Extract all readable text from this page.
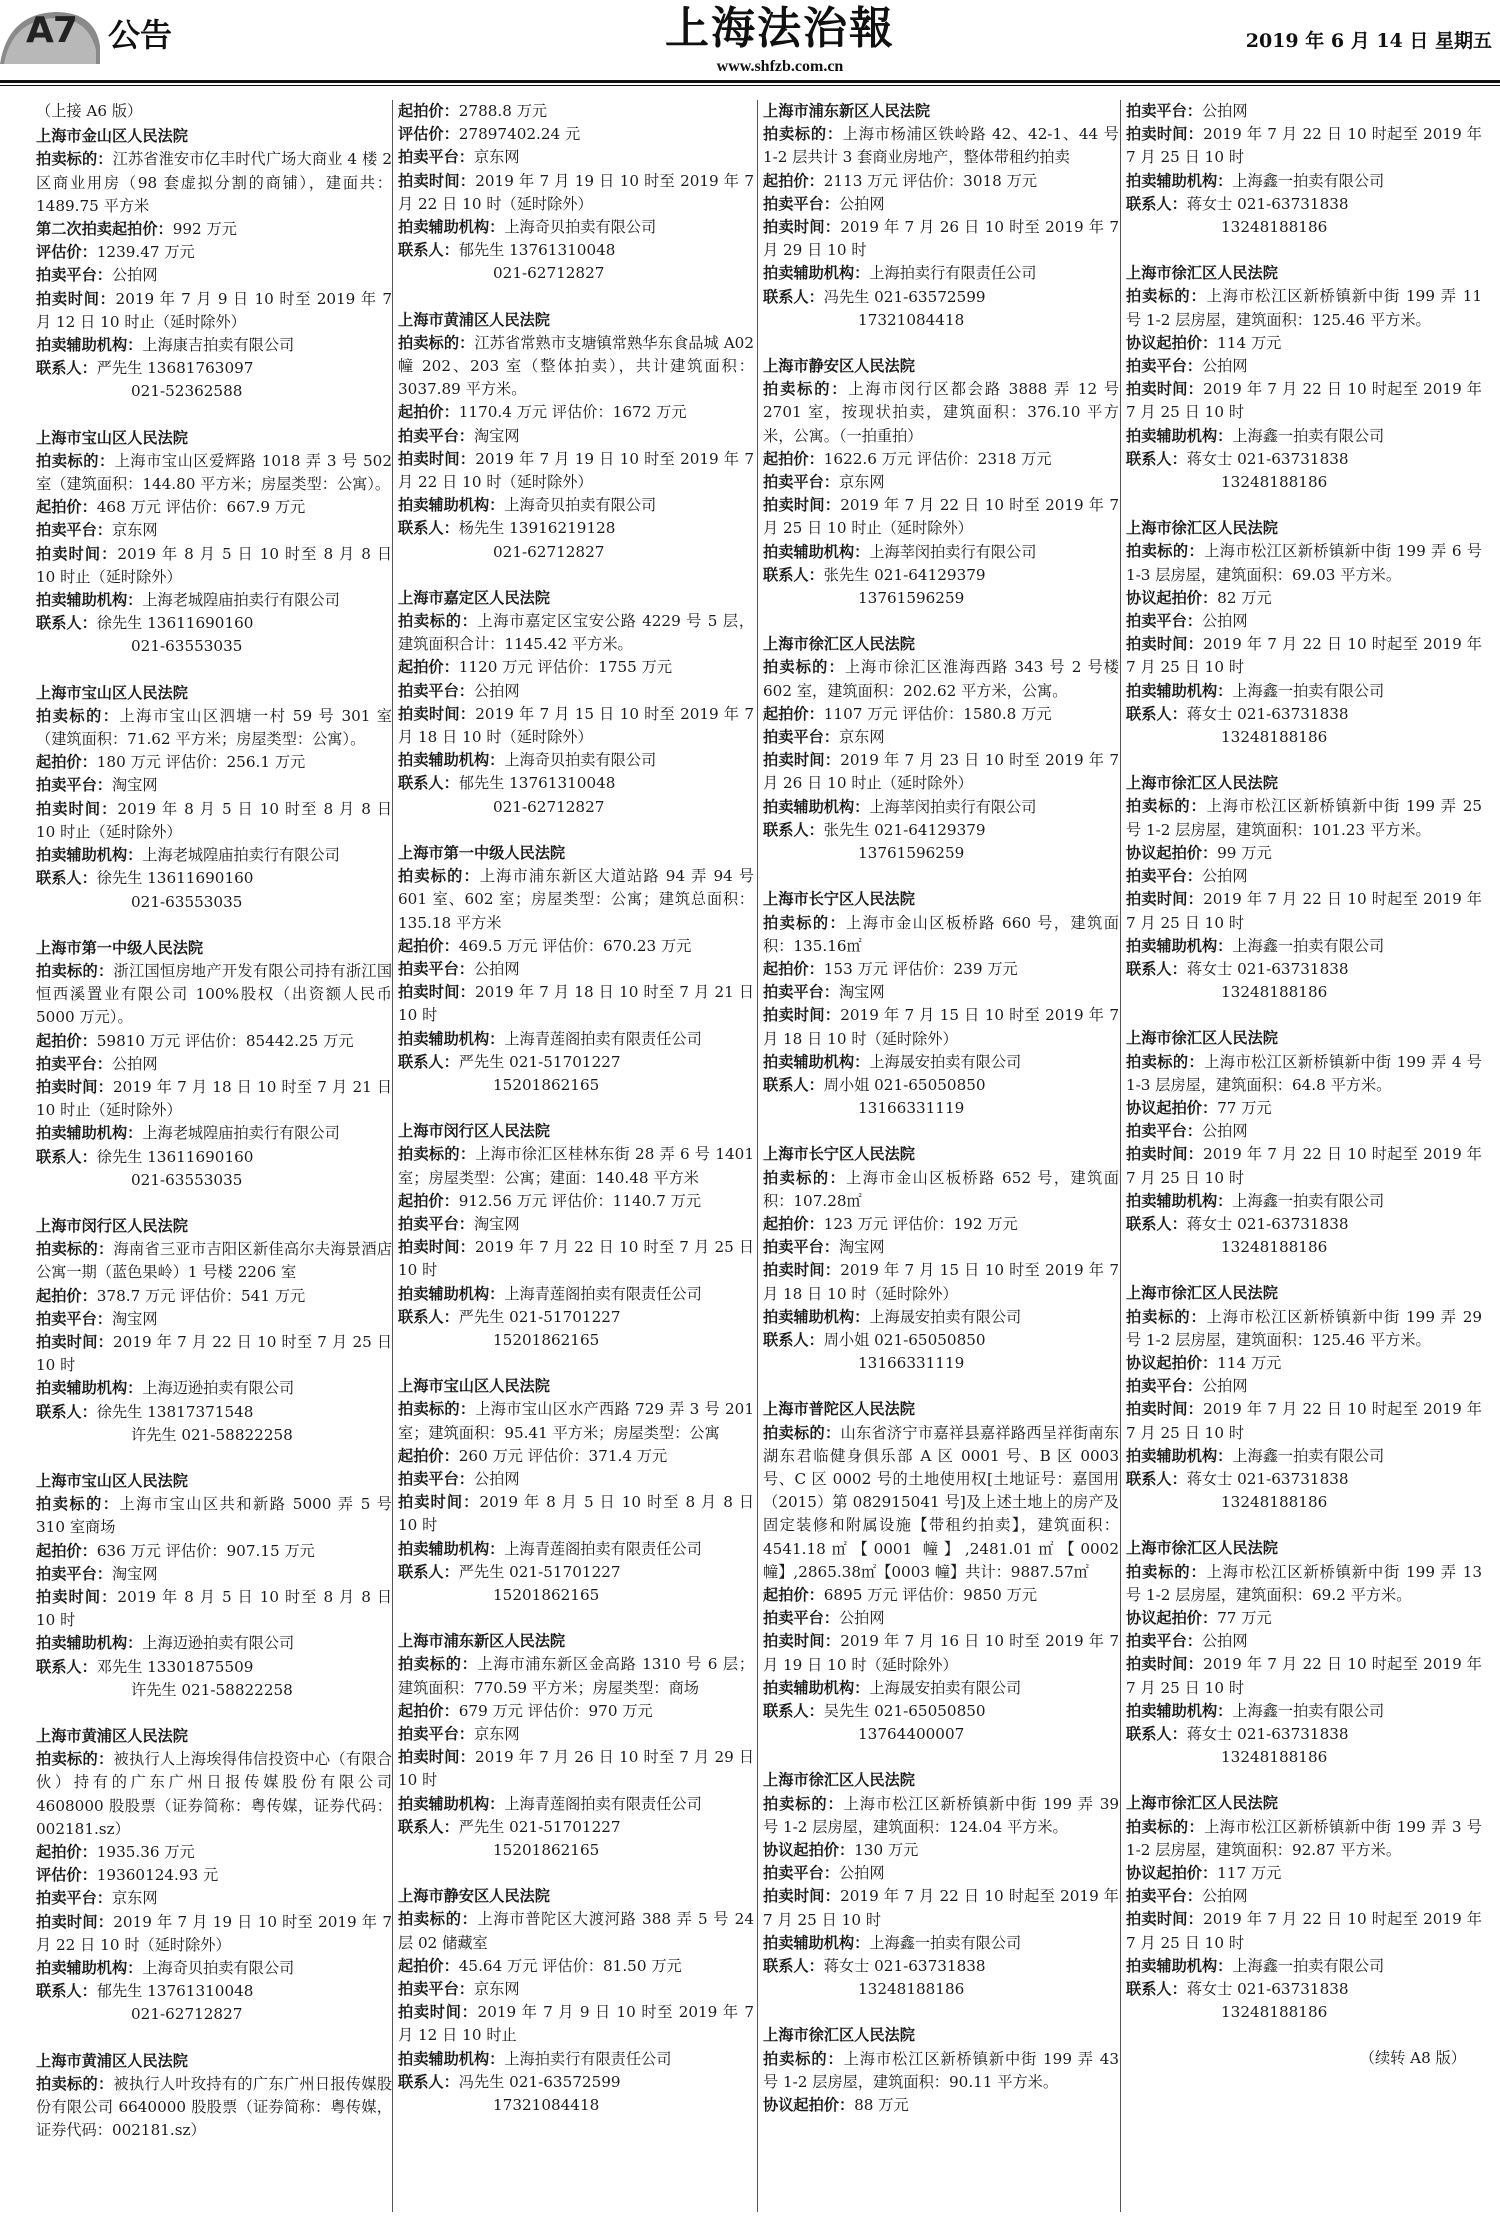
A7 公告	上海法治報
www.shfzb.com.cn
2019 年 6 月 14 日 星期五
（上接 A6 版）
上海市金山区人民法院
拍卖标的：江苏省淮安市亿丰时代广场大商业 4 楼 2 区商业用房（98 套虚拟分割的商铺），建面共：1489.75 平方米
第二次拍卖起拍价：992 万元
评估价：1239.47 万元
拍卖平台：公拍网
拍卖时间：2019 年 7 月 9 日 10 时至 2019 年 7 月 12 日 10 时止（延时除外）
拍卖辅助机构：上海康吉拍卖有限公司
联系人：严先生 13681763097
021-52362588
上海市宝山区人民法院
拍卖标的：上海市宝山区爱辉路 1018 弄 3 号 502 室（建筑面积：144.80 平方米；房屋类型：公寓）。
起拍价：468 万元 评估价：667.9 万元
拍卖平台：京东网
拍卖时间：2019 年 8 月 5 日 10 时至 8 月 8 日 10 时止（延时除外）
拍卖辅助机构：上海老城隍庙拍卖行有限公司
联系人：徐先生 13611690160
021-63553035
上海市宝山区人民法院
拍卖标的：上海市宝山区泗塘一村 59 号 301 室（建筑面积：71.62 平方米；房屋类型：公寓）。
起拍价：180 万元 评估价：256.1 万元
拍卖平台：淘宝网
拍卖时间：2019 年 8 月 5 日 10 时至 8 月 8 日 10 时止（延时除外）
拍卖辅助机构：上海老城隍庙拍卖行有限公司
联系人：徐先生 13611690160
021-63553035
上海市第一中级人民法院
拍卖标的：浙江国恒房地产开发有限公司持有浙江国恒西溪置业有限公司 100%股权（出资额人民币 5000 万元）。
起拍价：59810 万元 评估价：85442.25 万元
拍卖平台：公拍网
拍卖时间：2019 年 7 月 18 日 10 时至 7 月 21 日 10 时止（延时除外）
拍卖辅助机构：上海老城隍庙拍卖行有限公司
联系人：徐先生 13611690160
021-63553035
上海市闵行区人民法院
拍卖标的：海南省三亚市吉阳区新佳高尔夫海景酒店公寓一期（蓝色果岭）1 号楼 2206 室
起拍价：378.7 万元 评估价：541 万元
拍卖平台：淘宝网
拍卖时间：2019 年 7 月 22 日 10 时至 7 月 25 日 10 时
拍卖辅助机构：上海迈逊拍卖有限公司
联系人：徐先生 13817371548
许先生 021-58822258
上海市宝山区人民法院
拍卖标的：上海市宝山区共和新路 5000 弄 5 号 310 室商场
起拍价：636 万元 评估价：907.15 万元
拍卖平台：淘宝网
拍卖时间：2019 年 8 月 5 日 10 时至 8 月 8 日 10 时
拍卖辅助机构：上海迈逊拍卖有限公司
联系人：邓先生 13301875509
许先生 021-58822258
上海市黄浦区人民法院
拍卖标的：被执行人上海埃得伟信投资中心（有限合伙）持有的广东广州日报传媒股份有限公司 4608000 股股票（证券简称：粤传媒，证券代码：002181.sz）
起拍价：1935.36 万元
评估价：19360124.93 元
拍卖平台：京东网
拍卖时间：2019 年 7 月 19 日 10 时至 2019 年 7 月 22 日 10 时（延时除外）
拍卖辅助机构：上海奇贝拍卖有限公司
联系人：郁先生 13761310048
021-62712827
上海市黄浦区人民法院
拍卖标的：被执行人叶玫持有的广东广州日报传媒股份有限公司 6640000 股股票（证券简称：粤传媒，证券代码：002181.sz）
起拍价：2788.8 万元
评估价：27897402.24 元
拍卖平台：京东网
拍卖时间：2019 年 7 月 19 日 10 时至 2019 年 7 月 22 日 10 时（延时除外）
拍卖辅助机构：上海奇贝拍卖有限公司
联系人：郁先生 13761310048
021-62712827
上海市黄浦区人民法院
拍卖标的：江苏省常熟市支塘镇常熟华东食品城 A02 幢 202、203 室（整体拍卖），共计建筑面积：3037.89 平方米。
起拍价：1170.4 万元 评估价：1672 万元
拍卖平台：淘宝网
拍卖时间：2019 年 7 月 19 日 10 时至 2019 年 7 月 22 日 10 时（延时除外）
拍卖辅助机构：上海奇贝拍卖有限公司
联系人：杨先生 13916219128
021-62712827
上海市嘉定区人民法院
拍卖标的：上海市嘉定区宝安公路 4229 号 5 层，建筑面积合计：1145.42 平方米。
起拍价：1120 万元 评估价：1755 万元
拍卖平台：公拍网
拍卖时间：2019 年 7 月 15 日 10 时至 2019 年 7 月 18 日 10 时（延时除外）
拍卖辅助机构：上海奇贝拍卖有限公司
联系人：郁先生 13761310048
021-62712827
上海市第一中级人民法院
拍卖标的：上海市浦东新区大道站路 94 弄 94 号 601 室、602 室；房屋类型：公寓；建筑总面积：135.18 平方米
起拍价：469.5 万元 评估价：670.23 万元
拍卖平台：公拍网
拍卖时间：2019 年 7 月 18 日 10 时至 7 月 21 日 10 时
拍卖辅助机构：上海青莲阁拍卖有限责任公司
联系人：严先生 021-51701227
15201862165
上海市闵行区人民法院
拍卖标的：上海市徐汇区桂林东街 28 弄 6 号 1401 室；房屋类型：公寓；建面：140.48 平方米
起拍价：912.56 万元 评估价：1140.7 万元
拍卖平台：淘宝网
拍卖时间：2019 年 7 月 22 日 10 时至 7 月 25 日 10 时
拍卖辅助机构：上海青莲阁拍卖有限责任公司
联系人：严先生 021-51701227
15201862165
上海市宝山区人民法院
拍卖标的：上海市宝山区水产西路 729 弄 3 号 201 室；建筑面积：95.41 平方米；房屋类型：公寓
起拍价：260 万元 评估价：371.4 万元
拍卖平台：公拍网
拍卖时间：2019 年 8 月 5 日 10 时至 8 月 8 日 10 时
拍卖辅助机构：上海青莲阁拍卖有限责任公司
联系人：严先生 021-51701227
15201862165
上海市浦东新区人民法院
拍卖标的：上海市浦东新区金高路 1310 号 6 层；建筑面积：770.59 平方米；房屋类型：商场
起拍价：679 万元 评估价：970 万元
拍卖平台：京东网
拍卖时间：2019 年 7 月 26 日 10 时至 7 月 29 日 10 时
拍卖辅助机构：上海青莲阁拍卖有限责任公司
联系人：严先生 021-51701227
15201862165
上海市静安区人民法院
拍卖标的：上海市普陀区大渡河路 388 弄 5 号 24 层 02 储藏室
起拍价：45.64 万元 评估价：81.50 万元
拍卖平台：京东网
拍卖时间：2019 年 7 月 9 日 10 时至 2019 年 7 月 12 日 10 时止
拍卖辅助机构：上海拍卖行有限责任公司
联系人：冯先生 021-63572599
17321084418
上海市浦东新区人民法院
拍卖标的：上海市杨浦区铁岭路 42、42-1、44 号 1-2 层共计 3 套商业房地产，整体带租约拍卖
起拍价：2113 万元 评估价：3018 万元
拍卖平台：公拍网
拍卖时间：2019 年 7 月 26 日 10 时至 2019 年 7 月 29 日 10 时
拍卖辅助机构：上海拍卖行有限责任公司
联系人：冯先生 021-63572599
17321084418
上海市静安区人民法院
拍卖标的：上海市闵行区都会路 3888 弄 12 号 2701 室，按现状拍卖，建筑面积：376.10 平方米，公寓。（一拍重拍）
起拍价：1622.6 万元 评估价：2318 万元
拍卖平台：京东网
拍卖时间：2019 年 7 月 22 日 10 时至 2019 年 7 月 25 日 10 时止（延时除外）
拍卖辅助机构：上海莘闵拍卖行有限公司
联系人：张先生 021-64129379
13761596259
上海市徐汇区人民法院
拍卖标的：上海市徐汇区淮海西路 343 号 2 号楼 602 室，建筑面积：202.62 平方米，公寓。
起拍价：1107 万元 评估价：1580.8 万元
拍卖平台：京东网
拍卖时间：2019 年 7 月 23 日 10 时至 2019 年 7 月 26 日 10 时止（延时除外）
拍卖辅助机构：上海莘闵拍卖行有限公司
联系人：张先生 021-64129379
13761596259
上海市长宁区人民法院
拍卖标的：上海市金山区板桥路 660 号，建筑面积：135.16㎡
起拍价：153 万元 评估价：239 万元
拍卖平台：淘宝网
拍卖时间：2019 年 7 月 15 日 10 时至 2019 年 7 月 18 日 10 时（延时除外）
拍卖辅助机构：上海晟安拍卖有限公司
联系人：周小姐 021-65050850
13166331119
上海市长宁区人民法院
拍卖标的：上海市金山区板桥路 652 号，建筑面积：107.28㎡
起拍价：123 万元 评估价：192 万元
拍卖平台：淘宝网
拍卖时间：2019 年 7 月 15 日 10 时至 2019 年 7 月 18 日 10 时（延时除外）
拍卖辅助机构：上海晟安拍卖有限公司
联系人：周小姐 021-65050850
13166331119
上海市普陀区人民法院
拍卖标的：山东省济宁市嘉祥县嘉祥路西呈祥街南东湖东君临健身俱乐部 A 区 0001 号、B 区 0003 号、C 区 0002 号的土地使用权[土地证号：嘉国用（2015）第 082915041 号]及上述土地上的房产及固定装修和附属设施【带租约拍卖】，建筑面积：4541.18㎡【0001 幢】,2481.01㎡【0002 幢】,2865.38㎡【0003 幢】共计：9887.57㎡
起拍价：6895 万元 评估价：9850 万元
拍卖平台：公拍网
拍卖时间：2019 年 7 月 16 日 10 时至 2019 年 7 月 19 日 10 时（延时除外）
拍卖辅助机构：上海晟安拍卖有限公司
联系人：吴先生 021-65050850
13764400007
上海市徐汇区人民法院
拍卖标的：上海市松江区新桥镇新中街 199 弄 39 号 1-2 层房屋，建筑面积：124.04 平方米。
协议起拍价：130 万元
拍卖平台：公拍网
拍卖时间：2019 年 7 月 22 日 10 时起至 2019 年 7 月 25 日 10 时
拍卖辅助机构：上海鑫一拍卖有限公司
联系人：蒋女士 021-63731838
13248188186
上海市徐汇区人民法院
拍卖标的：上海市松江区新桥镇新中街 199 弄 43 号 1-2 层房屋，建筑面积：90.11 平方米。
协议起拍价：88 万元
拍卖平台：公拍网
拍卖时间：2019 年 7 月 22 日 10 时起至 2019 年 7 月 25 日 10 时
拍卖辅助机构：上海鑫一拍卖有限公司
联系人：蒋女士 021-63731838
13248188186
上海市徐汇区人民法院
拍卖标的：上海市松江区新桥镇新中街 199 弄 11 号 1-2 层房屋，建筑面积：125.46 平方米。
协议起拍价：114 万元
拍卖平台：公拍网
拍卖时间：2019 年 7 月 22 日 10 时起至 2019 年 7 月 25 日 10 时
拍卖辅助机构：上海鑫一拍卖有限公司
联系人：蒋女士 021-63731838
13248188186
上海市徐汇区人民法院
拍卖标的：上海市松江区新桥镇新中街 199 弄 6 号 1-3 层房屋，建筑面积：69.03 平方米。
协议起拍价：82 万元
拍卖平台：公拍网
拍卖时间：2019 年 7 月 22 日 10 时起至 2019 年 7 月 25 日 10 时
拍卖辅助机构：上海鑫一拍卖有限公司
联系人：蒋女士 021-63731838
13248188186
上海市徐汇区人民法院
拍卖标的：上海市松江区新桥镇新中街 199 弄 25 号 1-2 层房屋，建筑面积：101.23 平方米。
协议起拍价：99 万元
拍卖平台：公拍网
拍卖时间：2019 年 7 月 22 日 10 时起至 2019 年 7 月 25 日 10 时
拍卖辅助机构：上海鑫一拍卖有限公司
联系人：蒋女士 021-63731838
13248188186
上海市徐汇区人民法院
拍卖标的：上海市松江区新桥镇新中街 199 弄 4 号 1-3 层房屋，建筑面积：64.8 平方米。
协议起拍价：77 万元
拍卖平台：公拍网
拍卖时间：2019 年 7 月 22 日 10 时起至 2019 年 7 月 25 日 10 时
拍卖辅助机构：上海鑫一拍卖有限公司
联系人：蒋女士 021-63731838
13248188186
上海市徐汇区人民法院
拍卖标的：上海市松江区新桥镇新中街 199 弄 29 号 1-2 层房屋，建筑面积：125.46 平方米。
协议起拍价：114 万元
拍卖平台：公拍网
拍卖时间：2019 年 7 月 22 日 10 时起至 2019 年 7 月 25 日 10 时
拍卖辅助机构：上海鑫一拍卖有限公司
联系人：蒋女士 021-63731838
13248188186
上海市徐汇区人民法院
拍卖标的：上海市松江区新桥镇新中街 199 弄 13 号 1-2 层房屋，建筑面积：69.2 平方米。
协议起拍价：77 万元
拍卖平台：公拍网
拍卖时间：2019 年 7 月 22 日 10 时起至 2019 年 7 月 25 日 10 时
拍卖辅助机构：上海鑫一拍卖有限公司
联系人：蒋女士 021-63731838
13248188186
上海市徐汇区人民法院
拍卖标的：上海市松江区新桥镇新中街 199 弄 3 号 1-2 层房屋，建筑面积：92.87 平方米。
协议起拍价：117 万元
拍卖平台：公拍网
拍卖时间：2019 年 7 月 22 日 10 时起至 2019 年 7 月 25 日 10 时
拍卖辅助机构：上海鑫一拍卖有限公司
联系人：蒋女士 021-63731838
13248188186
（续转 A8 版）
